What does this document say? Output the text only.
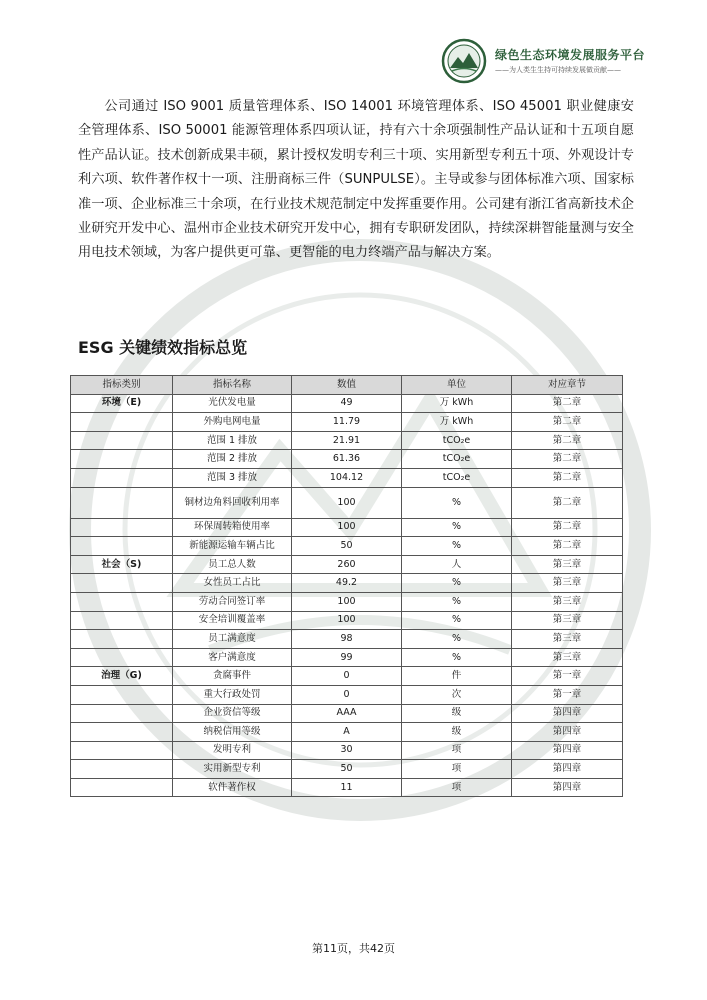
绿色生态环境发展服务平台
——为人类生生持可持续发展做贡献——

公司通过 ISO 9001 质量管理体系、ISO 14001 环境管理体系、ISO 45001 职业健康安全管理体系、ISO 50001 能源管理体系四项认证，持有六十余项强制性产品认证和十五项自愿性产品认证。技术创新成果丰硕，累计授权发明专利三十项、实用新型专利五十项、外观设计专利六项、软件著作权十一项、注册商标三件（SUNPULSE）。主导或参与团体标准六项、国家标准一项、企业标准三十余项，在行业技术规范制定中发挥重要作用。公司建有浙江省高新技术企业研究开发中心、温州市企业技术研究开发中心，拥有专职研发团队，持续深耕智能量测与安全用电技术领域，为客户提供更可靠、更智能的电力终端产品与解决方案。

ESG 关键绩效指标总览
指标类别	指标名称	数值	单位	对应章节
环境（E)	光伏发电量	49	万 kWh	第二章
	外购电网电量	11.79	万 kWh	第二章
	范围 1 排放	21.91	tCO₂e	第二章
	范围 2 排放	61.36	tCO₂e	第二章
	范围 3 排放	104.12	tCO₂e	第二章
	铜材边角料回收利用率	100	%	第二章
	环保周转箱使用率	100	%	第二章
	新能源运输车辆占比	50	%	第二章
社会（S)	员工总人数	260	人	第三章
	女性员工占比	49.2	%	第三章
	劳动合同签订率	100	%	第三章
	安全培训覆盖率	100	%	第三章
	员工满意度	98	%	第三章
	客户满意度	99	%	第三章
治理（G)	贪腐事件	0	件	第一章
	重大行政处罚	0	次	第一章
	企业资信等级	AAA	级	第四章
	纳税信用等级	A	级	第四章
	发明专利	30	项	第四章
	实用新型专利	50	项	第四章
	软件著作权	11	项	第四章
第11页，共42页
